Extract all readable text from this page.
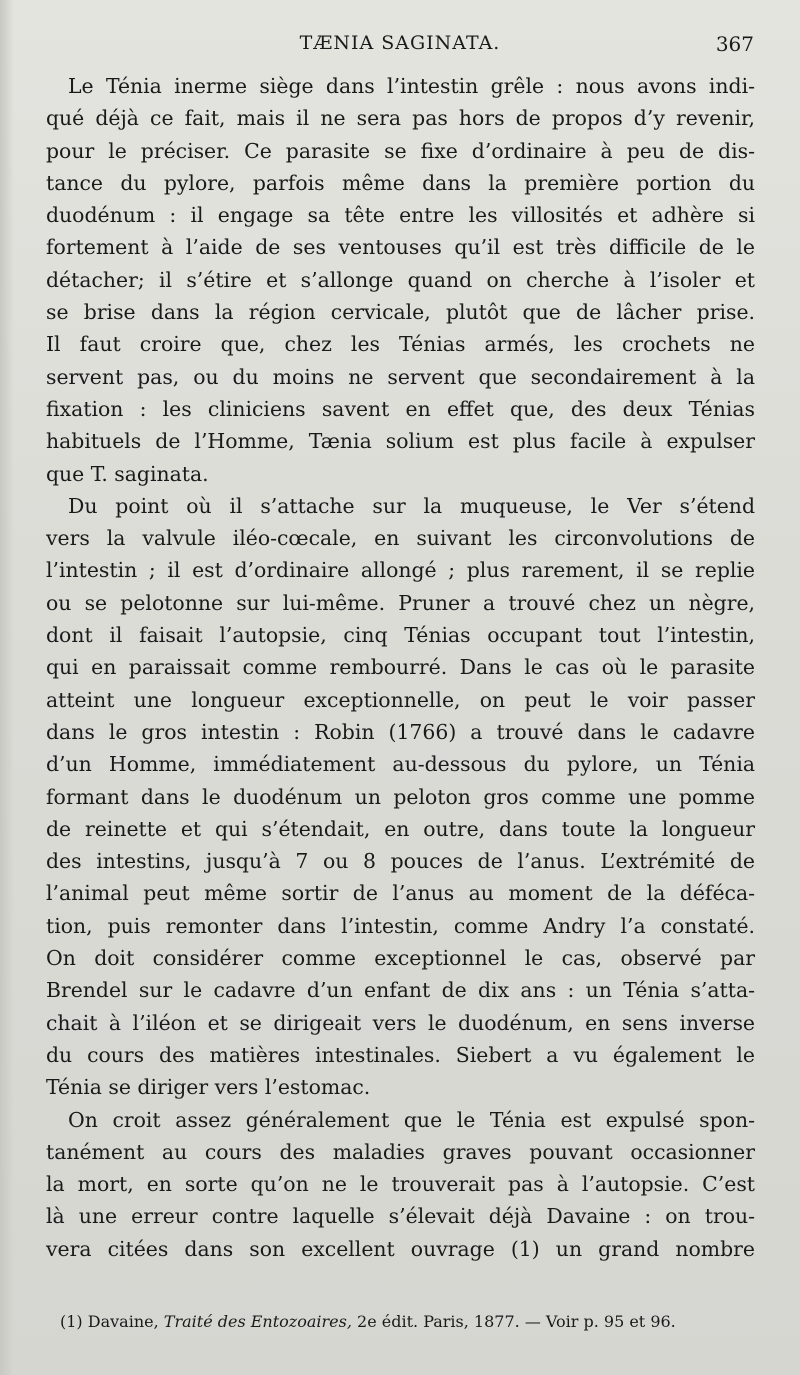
TÆNIA SAGINATA.	367
Le Ténia inerme siège dans l’intestin grêle : nous avons indi-
qué déjà ce fait, mais il ne sera pas hors de propos d’y revenir,
pour le préciser. Ce parasite se fixe d’ordinaire à peu de dis-
tance du pylore, parfois même dans la première portion du
duodénum : il engage sa tête entre les villosités et adhère si
fortement à l’aide de ses ventouses qu’il est très difficile de le
détacher; il s’étire et s’allonge quand on cherche à l’isoler et
se brise dans la région cervicale, plutôt que de lâcher prise.
Il faut croire que, chez les Ténias armés, les crochets ne
servent pas, ou du moins ne servent que secondairement à la
fixation : les cliniciens savent en effet que, des deux Ténias
habituels de l’Homme, Tænia solium est plus facile à expulser
que T. saginata.
Du point où il s’attache sur la muqueuse, le Ver s’étend
vers la valvule iléo-cœcale, en suivant les circonvolutions de
l’intestin ; il est d’ordinaire allongé ; plus rarement, il se replie
ou se pelotonne sur lui-même. Pruner a trouvé chez un nègre,
dont il faisait l’autopsie, cinq Ténias occupant tout l’intestin,
qui en paraissait comme rembourré. Dans le cas où le parasite
atteint une longueur exceptionnelle, on peut le voir passer
dans le gros intestin : Robin (1766) a trouvé dans le cadavre
d’un Homme, immédiatement au-dessous du pylore, un Ténia
formant dans le duodénum un peloton gros comme une pomme
de reinette et qui s’étendait, en outre, dans toute la longueur
des intestins, jusqu’à 7 ou 8 pouces de l’anus. L’extrémité de
l’animal peut même sortir de l’anus au moment de la déféca-
tion, puis remonter dans l’intestin, comme Andry l’a constaté.
On doit considérer comme exceptionnel le cas, observé par
Brendel sur le cadavre d’un enfant de dix ans : un Ténia s’atta-
chait à l’iléon et se dirigeait vers le duodénum, en sens inverse
du cours des matières intestinales. Siebert a vu également le
Ténia se diriger vers l’estomac.
On croit assez généralement que le Ténia est expulsé spon-
tanément au cours des maladies graves pouvant occasionner
la mort, en sorte qu’on ne le trouverait pas à l’autopsie. C’est
là une erreur contre laquelle s’élevait déjà Davaine : on trou-
vera citées dans son excellent ouvrage (1) un grand nombre
(1) Davaine, Traité des Entozoaires, 2e édit. Paris, 1877. — Voir p. 95 et 96.
